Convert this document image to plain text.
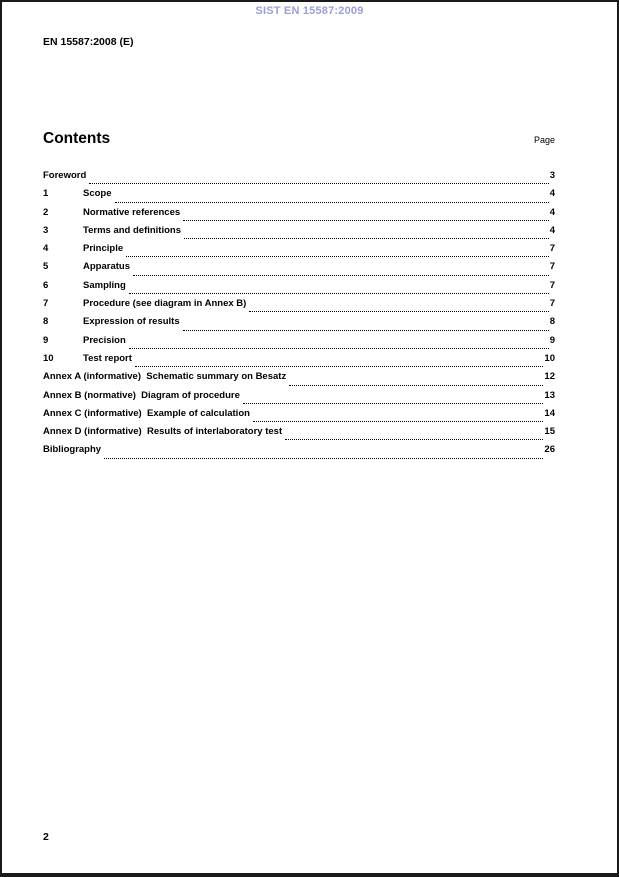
SIST EN 15587:2009
EN 15587:2008 (E)
Contents	Page
Foreword	3
1	Scope	4
2	Normative references	4
3	Terms and definitions	4
4	Principle	7
5	Apparatus	7
6	Sampling	7
7	Procedure (see diagram in Annex B)	7
8	Expression of results	8
9	Precision	9
10	Test report	10
Annex A (informative)  Schematic summary on Besatz	12
Annex B (normative)  Diagram of procedure	13
Annex C (informative)  Example of calculation	14
Annex D (informative)  Results of interlaboratory test	15
Bibliography	26
2
